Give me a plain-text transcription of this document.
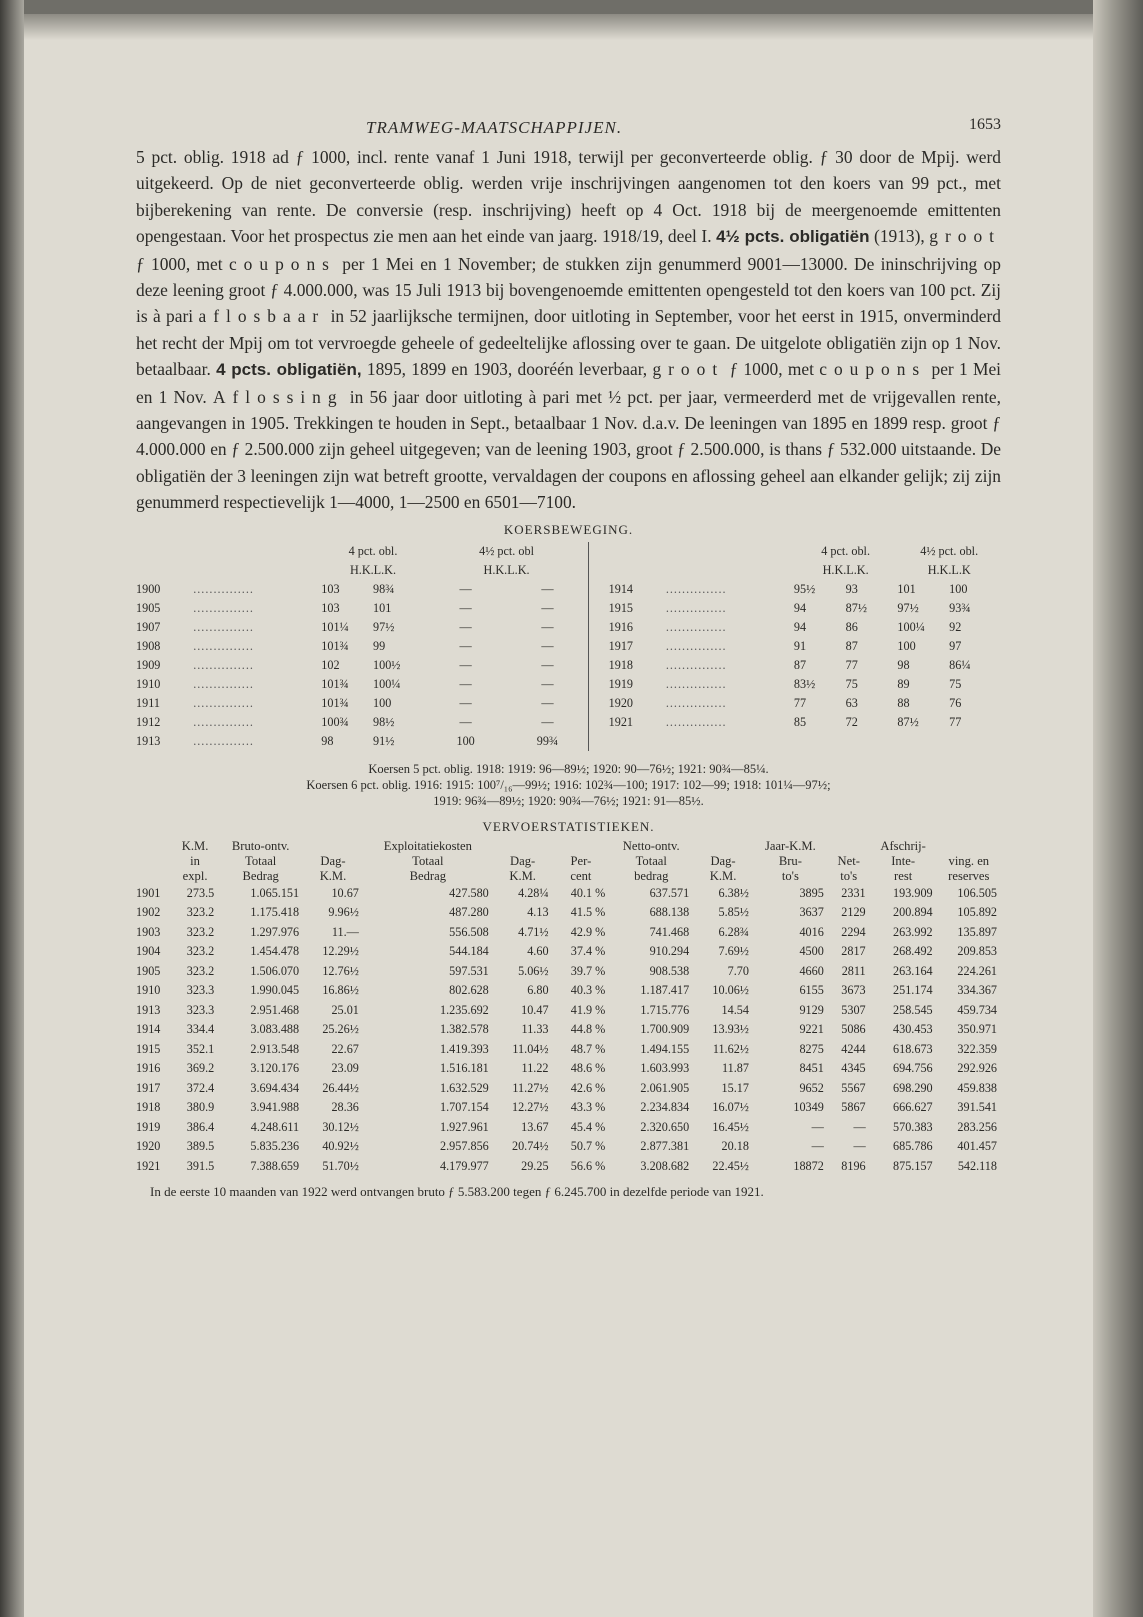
TRAMWEG-MAATSCHAPPIJEN.	1653

5 pct. oblig. 1918 ad ƒ 1000, incl. rente vanaf 1 Juni 1918, terwijl per geconverteerde oblig. ƒ 30 door de Mpij. werd uitgekeerd. Op de niet geconverteerde oblig. werden vrije inschrijvingen aangenomen tot den koers van 99 pct., met bijberekening van rente. De conversie (resp. inschrijving) heeft op 4 Oct. 1918 bij de meergenoemde emittenten opengestaan. Voor het prospectus zie men aan het einde van jaarg. 1918/19, deel I. 4½ pcts. obligatiën (1913), groot ƒ 1000, met coupons per 1 Mei en 1 November; de stukken zijn genummerd 9001—13000. De ininschrijving op deze leening groot ƒ 4.000.000, was 15 Juli 1913 bij bovengenoemde emittenten opengesteld tot den koers van 100 pct. Zij is à pari aflosbaar in 52 jaarlijksche termijnen, door uitloting in September, voor het eerst in 1915, onverminderd het recht der Mpij om tot vervroegde geheele of gedeeltelijke aflossing over te gaan. De uitgelote obligatiën zijn op 1 Nov. betaalbaar. 4 pcts. obligatiën, 1895, 1899 en 1903, dooréén leverbaar, groot ƒ 1000, met coupons per 1 Mei en 1 Nov. Aflossing in 56 jaar door uitloting à pari met ½ pct. per jaar, vermeerderd met de vrijgevallen rente, aangevangen in 1905. Trekkingen te houden in Sept., betaalbaar 1 Nov. d.a.v. De leeningen van 1895 en 1899 resp. groot ƒ 4.000.000 en ƒ 2.500.000 zijn geheel uitgegeven; van de leening 1903, groot ƒ 2.500.000, is thans ƒ 532.000 uitstaande. De obligatiën der 3 leeningen zijn wat betreft grootte, vervaldagen der coupons en aflossing geheel aan elkander gelijk; zij zijn genummerd respectievelijk 1—4000, 1—2500 en 6501—7100.

KOERSBEWEGING.
		4 pct. obl.		4½ pct. obl					4 pct. obl.		4½ pct. obl.	
		H.K.L.K.		H.K.L.K.					H.K.L.K.		H.K.L.K	
1900	...............	103	98¾	—	—		1914	...............	95½	93	101	100
1905	...............	103	101	—	—		1915	...............	94	87½	97½	93¾
1907	...............	101¼	97½	—	—		1916	...............	94	86	100¼	92
1908	...............	101¾	99	—	—		1917	...............	91	87	100	97
1909	...............	102	100½	—	—		1918	...............	87	77	98	86¼
1910	...............	101¾	100¼	—	—		1919	...............	83½	75	89	75
1911	...............	101¾	100	—	—		1920	...............	77	63	88	76
1912	...............	100¾	98½	—	—		1921	...............	85	72	87½	77
1913	...............	98	91½	100	99¾							
Koersen 5 pct. oblig. 1918: 1919: 96—89½; 1920: 90—76½; 1921: 90¾—85¼.
Koersen 6 pct. oblig. 1916: 1915: 100⁷/₁₆—99½; 1916: 102¾—100; 1917: 102—99; 1918: 101¼—97½;
1919: 96¾—89½; 1920: 90¾—76½; 1921: 91—85½.
VERVOERSTATISTIEKEN.
	K.M.	Bruto-ontv.		Exploitatiekosten			Netto-ontv.		Jaar-K.M.		Afschrij-	
	in	Totaal	Dag-	Totaal	Dag-	Per-	Totaal	Dag-	Bru-	Net-	Inte-	ving. en
	expl.	Bedrag	K.M.	Bedrag	K.M.	cent	bedrag	K.M.	to's	to's	rest	reserves
1901	273.5	1.065.151	10.67	427.580	4.28¼	40.1 %	637.571	6.38½	3895	2331	193.909	106.505
1902	323.2	1.175.418	9.96½	487.280	4.13	41.5 %	688.138	5.85½	3637	2129	200.894	105.892
1903	323.2	1.297.976	11.—	556.508	4.71½	42.9 %	741.468	6.28¾	4016	2294	263.992	135.897
1904	323.2	1.454.478	12.29½	544.184	4.60	37.4 %	910.294	7.69½	4500	2817	268.492	209.853
1905	323.2	1.506.070	12.76½	597.531	5.06½	39.7 %	908.538	7.70	4660	2811	263.164	224.261
1910	323.3	1.990.045	16.86½	802.628	6.80	40.3 %	1.187.417	10.06½	6155	3673	251.174	334.367
1913	323.3	2.951.468	25.01	1.235.692	10.47	41.9 %	1.715.776	14.54	9129	5307	258.545	459.734
1914	334.4	3.083.488	25.26½	1.382.578	11.33	44.8 %	1.700.909	13.93½	9221	5086	430.453	350.971
1915	352.1	2.913.548	22.67	1.419.393	11.04½	48.7 %	1.494.155	11.62½	8275	4244	618.673	322.359
1916	369.2	3.120.176	23.09	1.516.181	11.22	48.6 %	1.603.993	11.87	8451	4345	694.756	292.926
1917	372.4	3.694.434	26.44½	1.632.529	11.27½	42.6 %	2.061.905	15.17	9652	5567	698.290	459.838
1918	380.9	3.941.988	28.36	1.707.154	12.27½	43.3 %	2.234.834	16.07½	10349	5867	666.627	391.541
1919	386.4	4.248.611	30.12½	1.927.961	13.67	45.4 %	2.320.650	16.45½	—	—	570.383	283.256
1920	389.5	5.835.236	40.92½	2.957.856	20.74½	50.7 %	2.877.381	20.18	—	—	685.786	401.457
1921	391.5	7.388.659	51.70½	4.179.977	29.25	56.6 %	3.208.682	22.45½	18872	8196	875.157	542.118
In de eerste 10 maanden van 1922 werd ontvangen bruto ƒ 5.583.200 tegen ƒ 6.245.700 in dezelfde periode van 1921.
